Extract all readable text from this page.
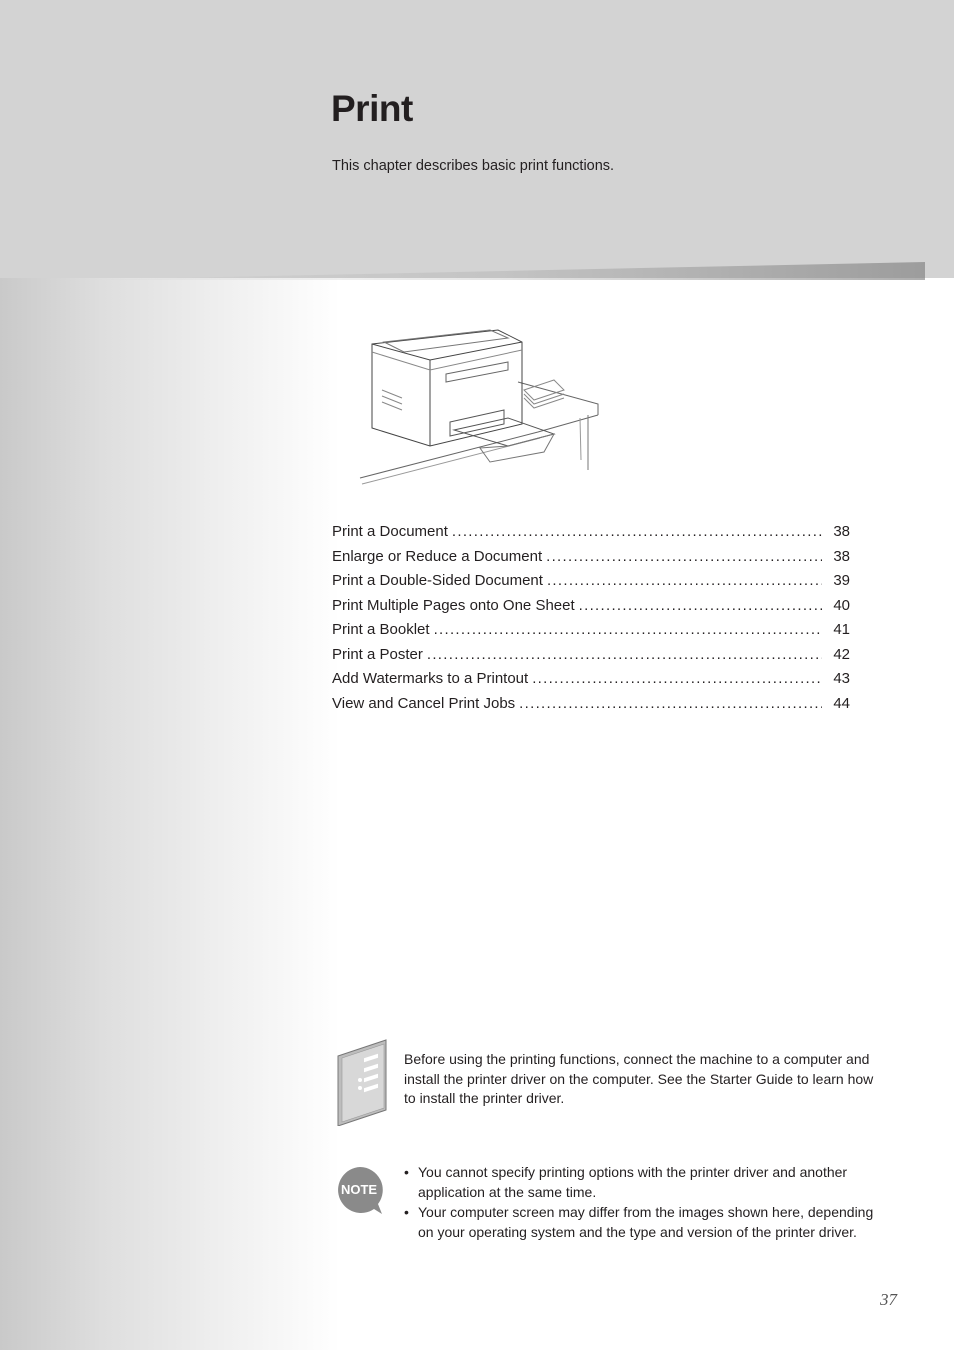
Print

This chapter describes basic print functions.

Print a Document .....	38
Enlarge or Reduce a Document .....	38
Print a Double-Sided Document .....	39
Print Multiple Pages onto One Sheet .....	40
Print a Booklet .....	41
Print a Poster .....	42
Add Watermarks to a Printout .....	43
View and Cancel Print Jobs .....	44

Before using the printing functions, connect the machine to a computer and install the printer driver on the computer. See the Starter Guide to learn how to install the printer driver.

NOTE
• You cannot specify printing options with the printer driver and another application at the same time.
• Your computer screen may differ from the images shown here, depending on your operating system and the type and version of the printer driver.
37
